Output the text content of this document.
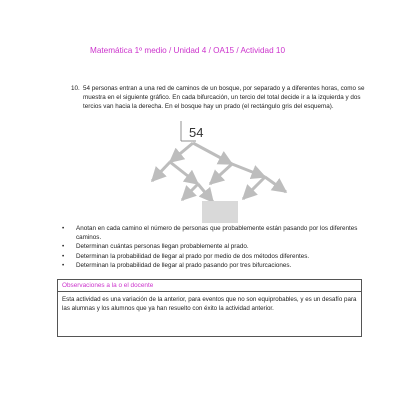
Matemática 1º medio / Unidad 4 / OA15 / Actividad 10
10. 54 personas entran a una red de caminos de un bosque, por separado y a diferentes horas, como se muestra en el siguiente gráfico. En cada bifurcación, un tercio del total decide ir a la izquierda y dos tercios van hacia la derecha. En el bosque hay un prado (el rectángulo gris del esquema).
54
• Anotan en cada camino el número de personas que probablemente están pasando por los diferentes caminos.
• Determinan cuántas personas llegan probablemente al prado.
• Determinan la probabilidad de llegar al prado por medio de dos métodos diferentes.
• Determinan la probabilidad de llegar al prado pasando por tres bifurcaciones.
Observaciones a la o el docente
Esta actividad es una variación de la anterior, para eventos que no son equiprobables, y es un desafío para las alumnas y los alumnos que ya han resuelto con éxito la actividad anterior.
